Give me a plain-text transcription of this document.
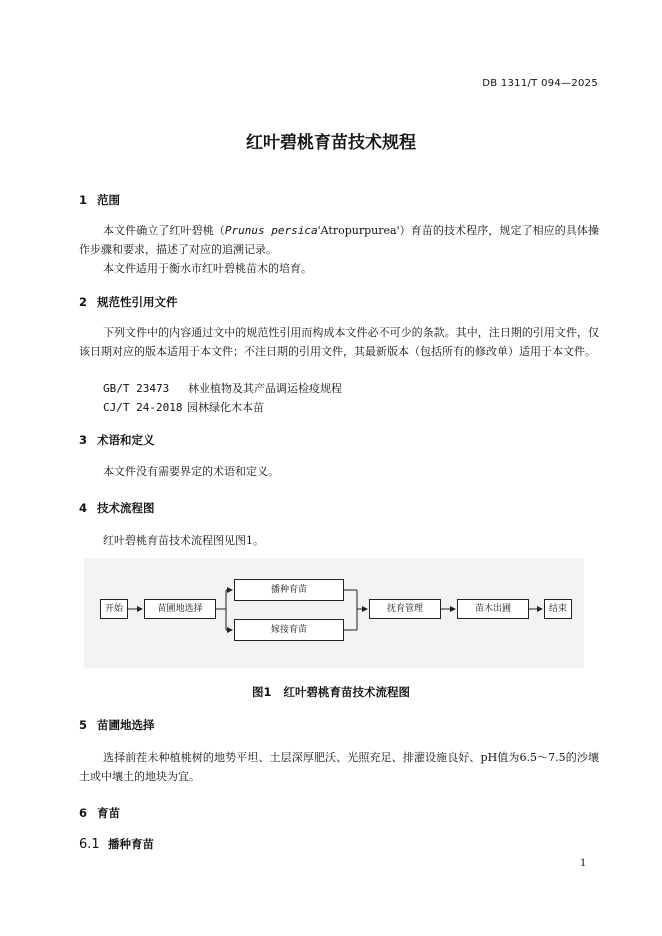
DB 1311/T 094—2025
红叶碧桃育苗技术规程
1 范围
本文件确立了红叶碧桃（Prunus persica'Atropurpurea'）育苗的技术程序，规定了相应的具体操作步骤和要求，描述了对应的追溯记录。
本文件适用于衡水市红叶碧桃苗木的培育。
2 规范性引用文件
下列文件中的内容通过文中的规范性引用而构成本文件必不可少的条款。其中，注日期的引用文件，仅该日期对应的版本适用于本文件；不注日期的引用文件，其最新版本（包括所有的修改单）适用于本文件。
GB/T 23473 林业植物及其产品调运检疫规程
CJ/T 24-2018 园林绿化木本苗
3 术语和定义
本文件没有需要界定的术语和定义。
4 技术流程图
红叶碧桃育苗技术流程图见图1。
开始	苗圃地选择
播种育苗
嫁接育苗
抚育管理	苗木出圃	结束
图1 红叶碧桃育苗技术流程图
5 苗圃地选择
选择前茬未种植桃树的地势平坦、土层深厚肥沃、光照充足、排灌设施良好、pH值为6.5～7.5的沙壤土或中壤土的地块为宜。
6 育苗
6.1 播种育苗
1
